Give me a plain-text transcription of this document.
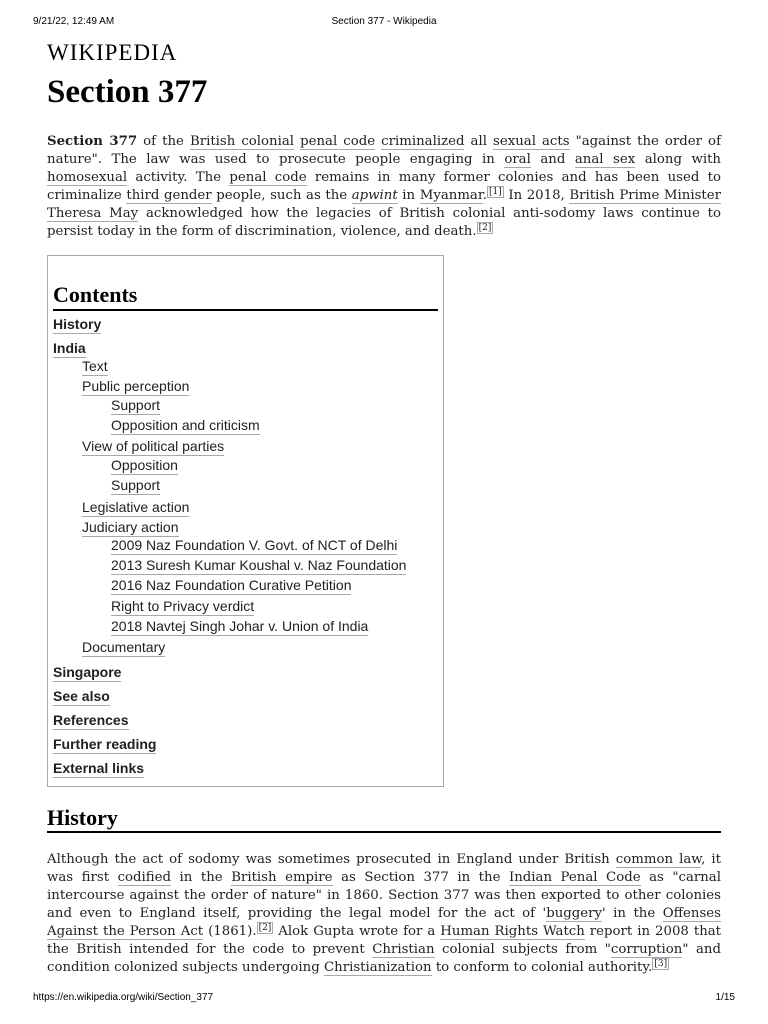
9/21/22, 12:49 AM	Section 377 - Wikipedia
WIKIPEDIA
Section 377

Section 377 of the British colonial penal code criminalized all sexual acts "against the order of nature". The law was used to prosecute people engaging in oral and anal sex along with homosexual activity. The penal code remains in many former colonies and has been used to criminalize third gender people, such as the apwint in Myanmar. [1] In 2018, British Prime Minister Theresa May acknowledged how the legacies of British colonial anti-sodomy laws continue to persist today in the form of discrimination, violence, and death. [2]

Contents
History
India
Text
Public perception
Support
Opposition and criticism
View of political parties
Opposition
Support
Legislative action
Judiciary action
2009 Naz Foundation V. Govt. of NCT of Delhi
2013 Suresh Kumar Koushal v. Naz Foundation
2016 Naz Foundation Curative Petition
Right to Privacy verdict
2018 Navtej Singh Johar v. Union of India
Documentary
Singapore
See also
References
Further reading
External links
History

Although the act of sodomy was sometimes prosecuted in England under British common law, it was first codified in the British empire as Section 377 in the Indian Penal Code as "carnal intercourse against the order of nature" in 1860. Section 377 was then exported to other colonies and even to England itself, providing the legal model for the act of 'buggery' in the Offenses Against the Person Act (1861). [2] Alok Gupta wrote for a Human Rights Watch report in 2008 that the British intended for the code to prevent Christian colonial subjects from "corruption" and condition colonized subjects undergoing Christianization to conform to colonial authority. [3]

https://en.wikipedia.org/wiki/Section_377	1/15
